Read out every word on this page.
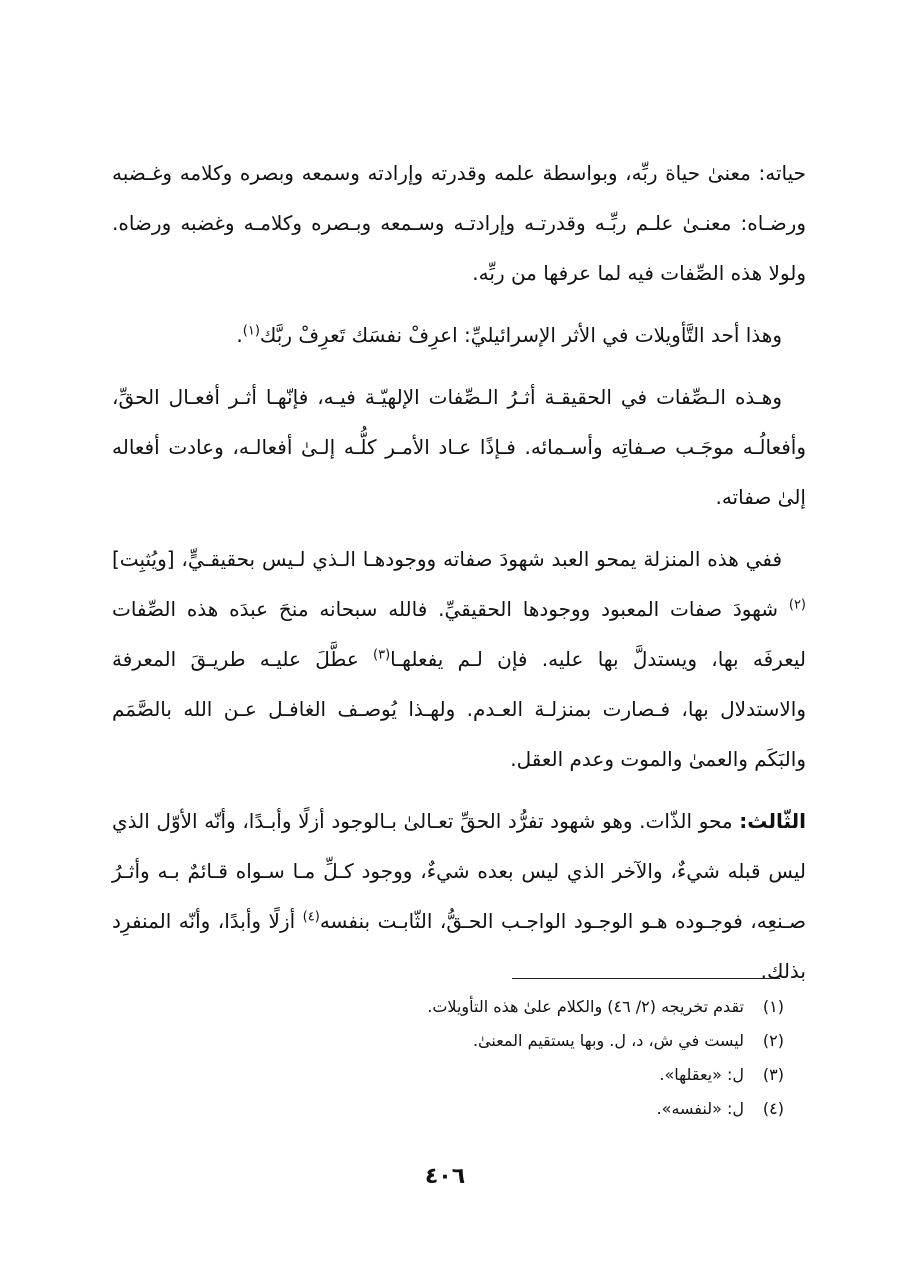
حياته: معنىٰ حياة ربِّه، وبواسطة علمه وقدرته وإرادته وسمعه وبصره وكلامه وغـضبه ورضـاه: معنـىٰ علـم ربِّـه وقدرتـه وإرادتـه وسـمعه وبـصره وكلامـه وغضبه ورضاه. ولولا هذه الصِّفات فيه لما عرفها من ربِّه.

وهذا أحد التَّأويلات في الأثر الإسرائيليِّ: اعرِفْ نفسَك تَعرِفْ ربَّك$^{(١)}$.

وهـذه الـصِّفات في الحقيقـة أثـرُ الـصِّفات الإلهيّـة فيـه، فإنّهـا أثـر أفعـال الحقِّ، وأفعالُـه موجَـب صـفاتِه وأسـمائه. فـإذًا عـاد الأمـر كلُّـه إلـىٰ أفعالـه، وعادت أفعاله إلىٰ صفاته.

ففي هذه المنزلة يمحو العبد شهودَ صفاته ووجودهـا الـذي لـيس بحقيقـيٍّ، [ويُثبِت]$^{(٢)}$ شهودَ صفات المعبود ووجودها الحقيقيِّ. فالله سبحانه منحَ عبدَه هذه الصِّفات ليعرفَه بها، ويستدلَّ بها عليه. فإن لـم يفعلهـا$^{(٣)}$ عطَّلَ عليـه طريـقَ المعرفة والاستدلال بها، فـصارت بمنزلـة العـدم. ولهـذا يُوصـف الغافـل عـن الله بالصَّمَم والبَكَم والعمىٰ والموت وعدم العقل.

الثّالث: محو الذّات. وهو شهود تفرُّد الحقِّ تعـالىٰ بـالوجود أزلًا وأبـدًا، وأنّه الأوّل الذي ليس قبله شيءٌ، والآخر الذي ليس بعده شيءٌ، ووجود كـلِّ مـا سـواه قـائمٌ بـه وأثـرُ صـنعِه، فوجـوده هـو الوجـود الواجـب الحـقُّ، الثّابـت بنفسه$^{(٤)}$ أزلًا وأبدًا، وأنّه المنفرِد بذلك.

(١)تقدم تخريجه (٢/ ٤٦) والكلام علىٰ هذه التأويلات.
(٢)ليست في ش، د، ل. وبها يستقيم المعنىٰ.
(٣)ل: «يعقلها».
(٤)ل: «لنفسه».
٤٠٦
